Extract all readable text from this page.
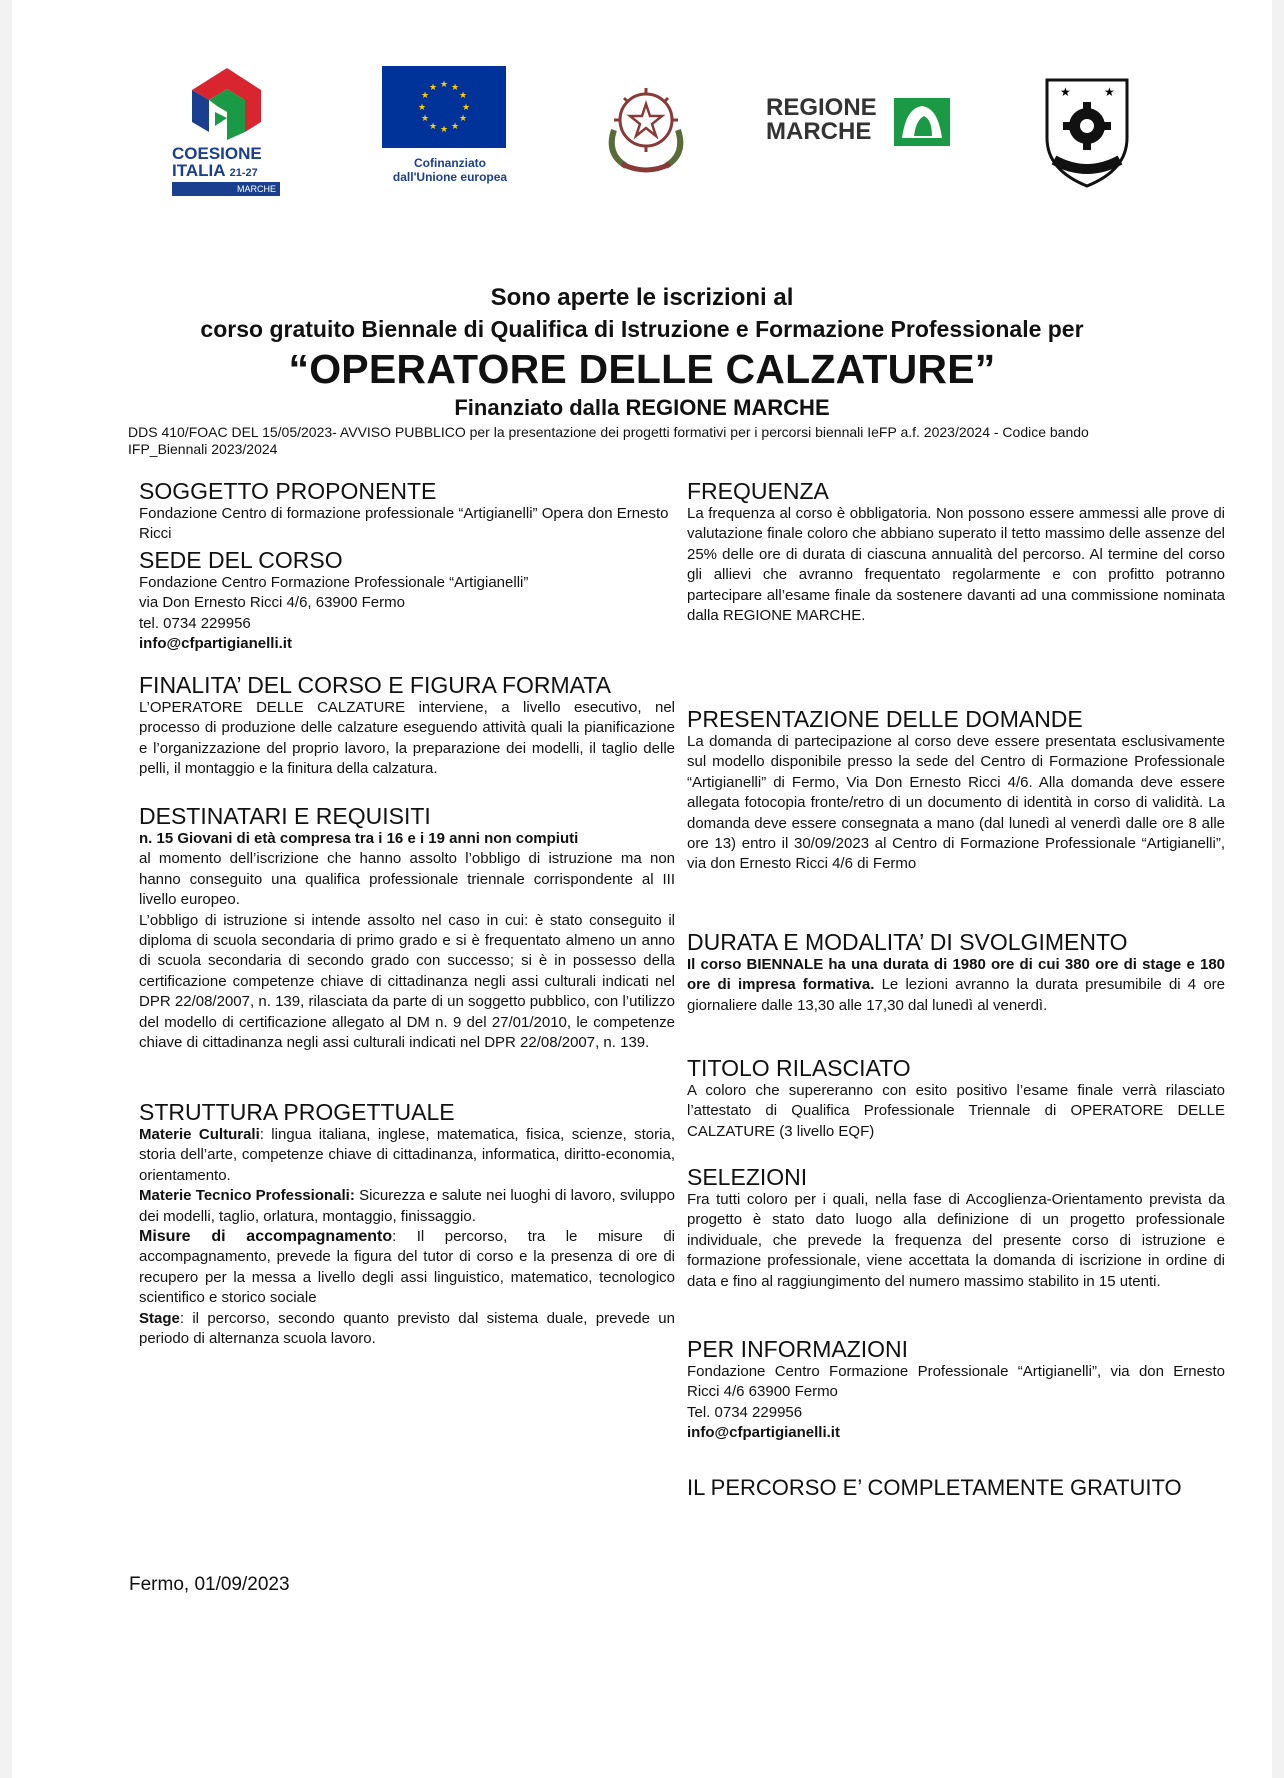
COESIONE
ITALIA 21-27
MARCHE
★ ★
★
★
★
★
★
★
★
★
★
★
Cofinanziato
dall'Unione europea
REGIONE
MARCHE
★	★
Sono aperte le iscrizioni al
corso gratuito Biennale di Qualifica di Istruzione e Formazione Professionale per
“OPERATORE DELLE CALZATURE”
Finanziato dalla REGIONE MARCHE
DDS 410/FOAC DEL 15/05/2023- AVVISO PUBBLICO per la presentazione dei progetti formativi per i percorsi biennali IeFP a.f. 2023/2024 - Codice bando IFP_Biennali 2023/2024
SOGGETTO PROPONENTE
Fondazione Centro di formazione professionale “Artigianelli” Opera don Ernesto Ricci
SEDE DEL CORSO
Fondazione Centro Formazione Professionale “Artigianelli”
via Don Ernesto Ricci 4/6, 63900 Fermo
tel. 0734 229956
info@cfpartigianelli.it
FINALITA’ DEL CORSO E FIGURA FORMATA
L’OPERATORE DELLE CALZATURE interviene, a livello esecutivo, nel processo di produzione delle calzature eseguendo attività quali la pianificazione e l’organizzazione del proprio lavoro, la preparazione dei modelli, il taglio delle pelli, il montaggio e la finitura della calzatura.
DESTINATARI E REQUISITI
n. 15 Giovani di età compresa tra i 16 e i 19 anni non compiuti
al momento dell’iscrizione che hanno assolto l’obbligo di istruzione ma non hanno conseguito una qualifica professionale triennale corrispondente al III livello europeo.
L’obbligo di istruzione si intende assolto nel caso in cui: è stato conseguito il diploma di scuola secondaria di primo grado e si è frequentato almeno un anno di scuola secondaria di secondo grado con successo; si è in possesso della certificazione competenze chiave di cittadinanza negli assi culturali indicati nel DPR 22/08/2007, n. 139, rilasciata da parte di un soggetto pubblico, con l’utilizzo del modello di certificazione allegato al DM n. 9 del 27/01/2010, le competenze chiave di cittadinanza negli assi culturali indicati nel DPR 22/08/2007, n. 139.
STRUTTURA PROGETTUALE
Materie Culturali: lingua italiana, inglese, matematica, fisica, scienze, storia, storia dell’arte, competenze chiave di cittadinanza, informatica, diritto-economia, orientamento.
Materie Tecnico Professionali: Sicurezza e salute nei luoghi di lavoro, sviluppo dei modelli, taglio, orlatura, montaggio, finissaggio.
Misure di accompagnamento: Il percorso, tra le misure di accompagnamento, prevede la figura del tutor di corso e la presenza di ore di recupero per la messa a livello degli assi linguistico, matematico, tecnologico scientifico e storico sociale
Stage: il percorso, secondo quanto previsto dal sistema duale, prevede un periodo di alternanza scuola lavoro.
FREQUENZA
La frequenza al corso è obbligatoria. Non possono essere ammessi alle prove di valutazione finale coloro che abbiano superato il tetto massimo delle assenze del 25% delle ore di durata di ciascuna annualità del percorso. Al termine del corso gli allievi che avranno frequentato regolarmente e con profitto potranno partecipare all’esame finale da sostenere davanti ad una commissione nominata dalla REGIONE MARCHE.
PRESENTAZIONE DELLE DOMANDE
La domanda di partecipazione al corso deve essere presentata esclusivamente sul modello disponibile presso la sede del Centro di Formazione Professionale “Artigianelli” di Fermo, Via Don Ernesto Ricci 4/6. Alla domanda deve essere allegata fotocopia fronte/retro di un documento di identità in corso di validità. La domanda deve essere consegnata a mano (dal lunedì al venerdì dalle ore 8 alle ore 13) entro il 30/09/2023 al Centro di Formazione Professionale “Artigianelli”, via don Ernesto Ricci 4/6 di Fermo
DURATA E MODALITA’ DI SVOLGIMENTO
Il corso BIENNALE ha una durata di 1980 ore di cui 380 ore di stage e 180 ore di impresa formativa. Le lezioni avranno la durata presumibile di 4 ore giornaliere dalle 13,30 alle 17,30 dal lunedì al venerdì.
TITOLO RILASCIATO
A coloro che supereranno con esito positivo l’esame finale verrà rilasciato l’attestato di Qualifica Professionale Triennale di OPERATORE DELLE CALZATURE (3 livello EQF)
SELEZIONI
Fra tutti coloro per i quali, nella fase di Accoglienza-Orientamento prevista da progetto è stato dato luogo alla definizione di un progetto professionale individuale, che prevede la frequenza del presente corso di istruzione e formazione professionale, viene accettata la domanda di iscrizione in ordine di data e fino al raggiungimento del numero massimo stabilito in 15 utenti.
PER INFORMAZIONI
Fondazione Centro Formazione Professionale “Artigianelli”, via don Ernesto Ricci 4/6 63900 Fermo
Tel. 0734 229956
info@cfpartigianelli.it
IL PERCORSO E’ COMPLETAMENTE GRATUITO
Fermo, 01/09/2023
